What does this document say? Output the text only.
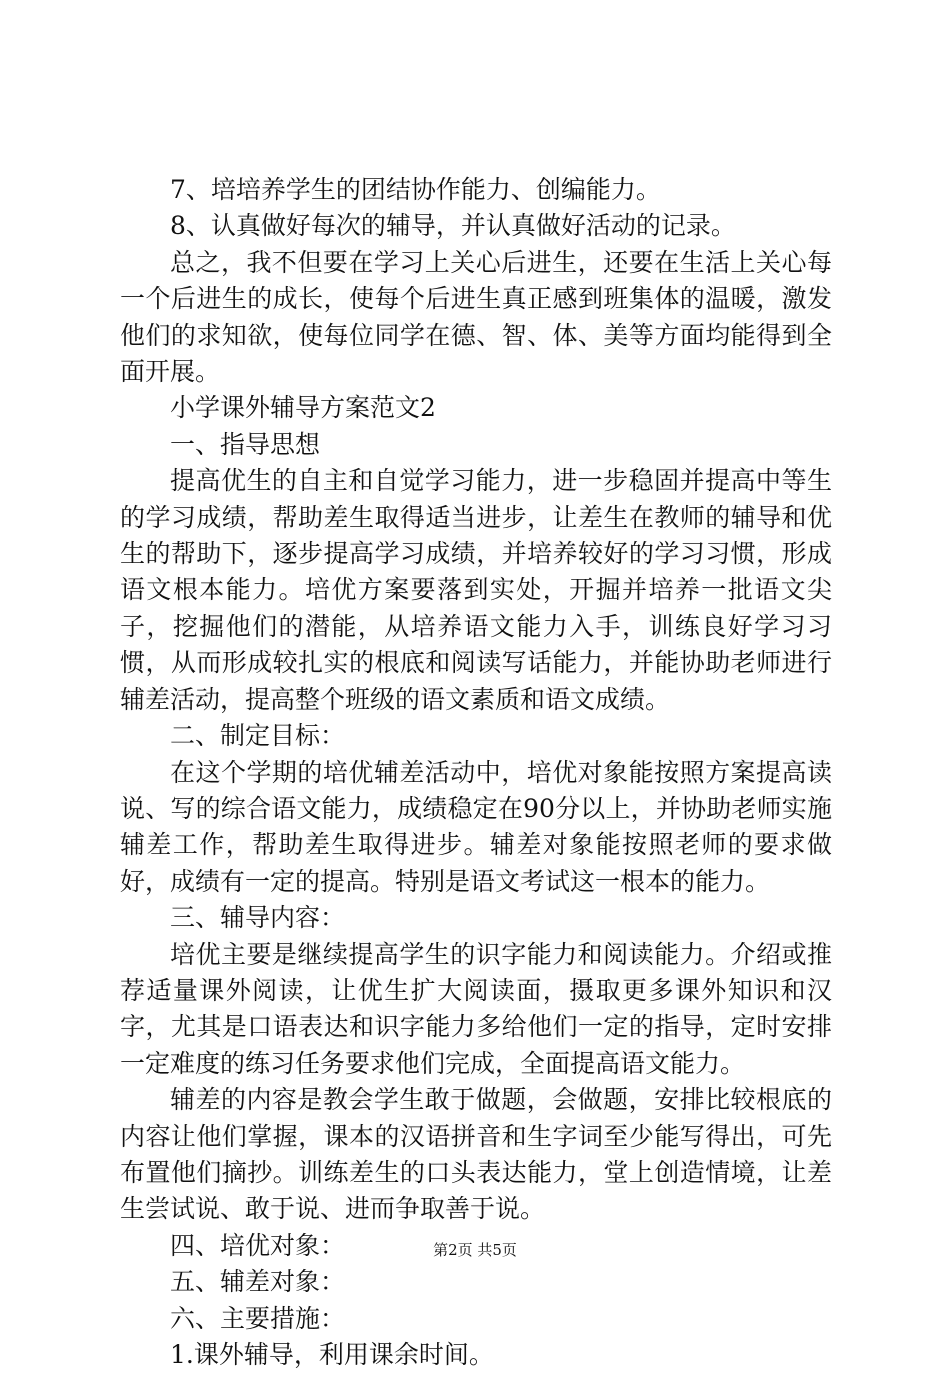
7、培培养学生的团结协作能力、创编能力。

8、认真做好每次的辅导，并认真做好活动的记录。

总之，我不但要在学习上关心后进生，还要在生活上关心每一个后进生的成长，使每个后进生真正感到班集体的温暖，激发他们的求知欲，使每位同学在德、智、体、美等方面均能得到全面开展。

小学课外辅导方案范文2

一、指导思想

提高优生的自主和自觉学习能力，进一步稳固并提高中等生的学习成绩，帮助差生取得适当进步，让差生在教师的辅导和优生的帮助下，逐步提高学习成绩，并培养较好的学习习惯，形成语文根本能力。培优方案要落到实处，开掘并培养一批语文尖子，挖掘他们的潜能，从培养语文能力入手，训练良好学习习惯，从而形成较扎实的根底和阅读写话能力，并能协助老师进行辅差活动，提高整个班级的语文素质和语文成绩。

二、制定目标：

在这个学期的培优辅差活动中，培优对象能按照方案提高读说、写的综合语文能力，成绩稳定在90分以上，并协助老师实施辅差工作，帮助差生取得进步。辅差对象能按照老师的要求做好，成绩有一定的提高。特别是语文考试这一根本的能力。

三、辅导内容：

培优主要是继续提高学生的识字能力和阅读能力。介绍或推荐适量课外阅读，让优生扩大阅读面，摄取更多课外知识和汉字，尤其是口语表达和识字能力多给他们一定的指导，定时安排一定难度的练习任务要求他们完成，全面提高语文能力。

辅差的内容是教会学生敢于做题，会做题，安排比较根底的内容让他们掌握，课本的汉语拼音和生字词至少能写得出，可先布置他们摘抄。训练差生的口头表达能力，堂上创造情境，让差生尝试说、敢于说、进而争取善于说。

四、培优对象：

五、辅差对象：

六、主要措施：

1.课外辅导，利用课余时间。

第2页 共5页
